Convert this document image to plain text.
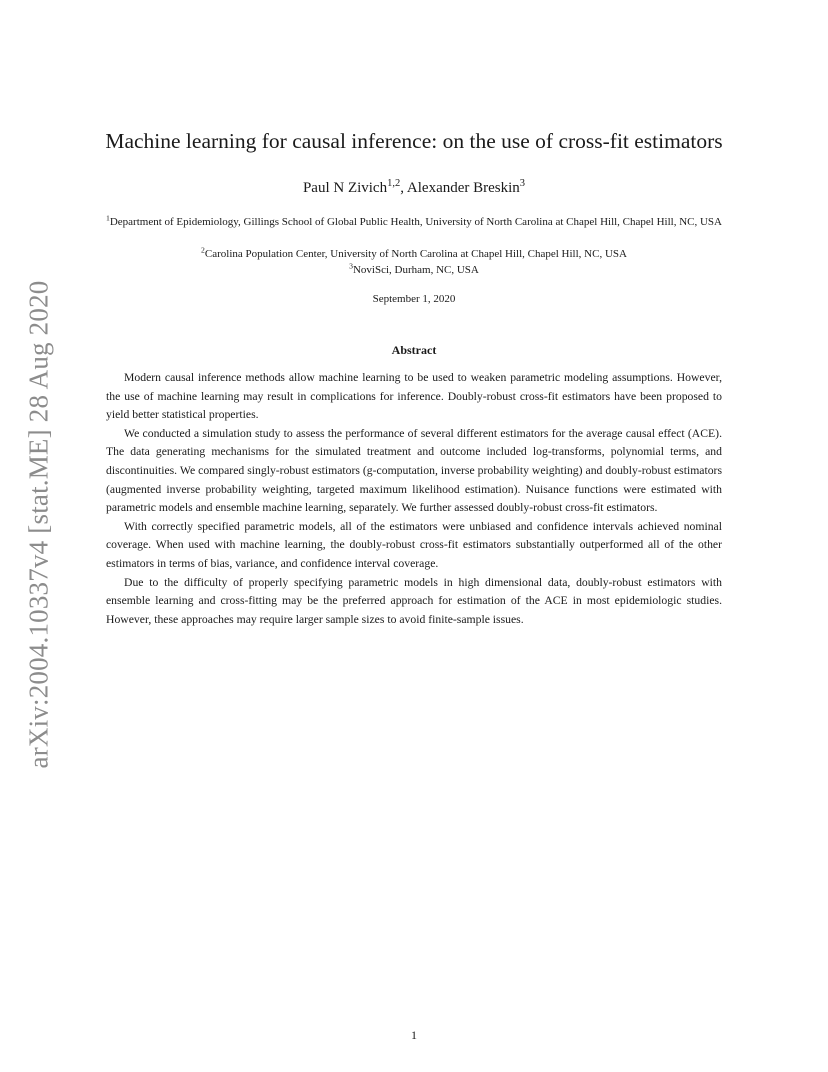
arXiv:2004.10337v4 [stat.ME] 28 Aug 2020
Machine learning for causal inference: on the use of cross-fit estimators
Paul N Zivich$^{1,2}$, Alexander Breskin$^3$
$^1$Department of Epidemiology, Gillings School of Global Public Health, University of North Carolina at Chapel Hill, Chapel Hill, NC, USA
$^2$Carolina Population Center, University of North Carolina at Chapel Hill, Chapel Hill, NC, USA
$^3$NoviSci, Durham, NC, USA
September 1, 2020
Abstract

Modern causal inference methods allow machine learning to be used to weaken parametric modeling assumptions. However, the use of machine learning may result in complications for inference. Doubly-robust cross-fit estimators have been proposed to yield better statistical properties.

We conducted a simulation study to assess the performance of several different estimators for the average causal effect (ACE). The data generating mechanisms for the simulated treatment and outcome included log-transforms, polynomial terms, and discontinuities. We compared singly-robust estimators (g-computation, inverse probability weighting) and doubly-robust estimators (augmented inverse probability weighting, targeted maximum likelihood estimation). Nuisance functions were estimated with parametric models and ensemble machine learning, separately. We further assessed doubly-robust cross-fit estimators.

With correctly specified parametric models, all of the estimators were unbiased and confidence intervals achieved nominal coverage. When used with machine learning, the doubly-robust cross-fit estimators substantially outperformed all of the other estimators in terms of bias, variance, and confidence interval coverage.

Due to the difficulty of properly specifying parametric models in high dimensional data, doubly-robust estimators with ensemble learning and cross-fitting may be the preferred approach for estimation of the ACE in most epidemiologic studies. However, these approaches may require larger sample sizes to avoid finite-sample issues.

1
